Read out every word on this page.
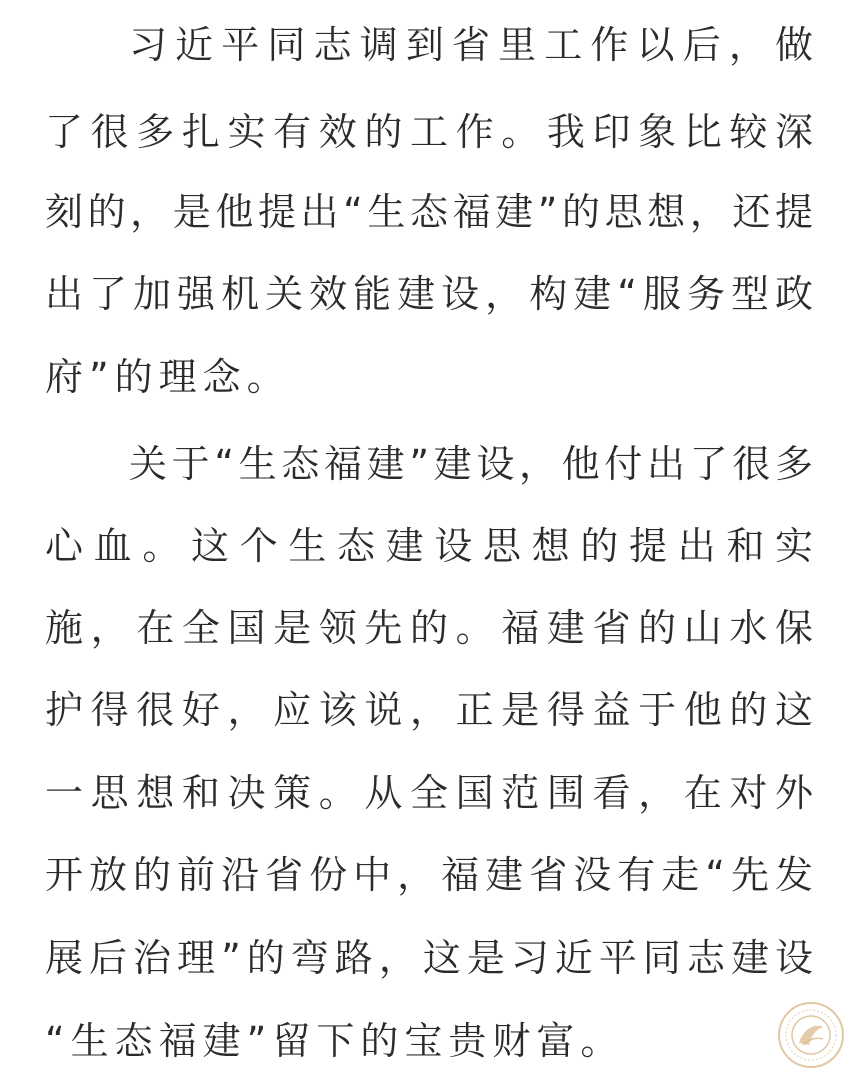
习近平同志调到省里工作以后，做
了很多扎实有效的工作。我印象比较深
刻的，是他提出“生态福建”的思想，还提
出了加强机关效能建设，构建“服务型政
府”的理念。
关于“生态福建”建设，他付出了很多
心血。这个生态建设思想的提出和实
施，在全国是领先的。福建省的山水保
护得很好，应该说，正是得益于他的这
一思想和决策。从全国范围看，在对外
开放的前沿省份中，福建省没有走“先发
展后治理”的弯路，这是习近平同志建设
“生态福建”留下的宝贵财富。
